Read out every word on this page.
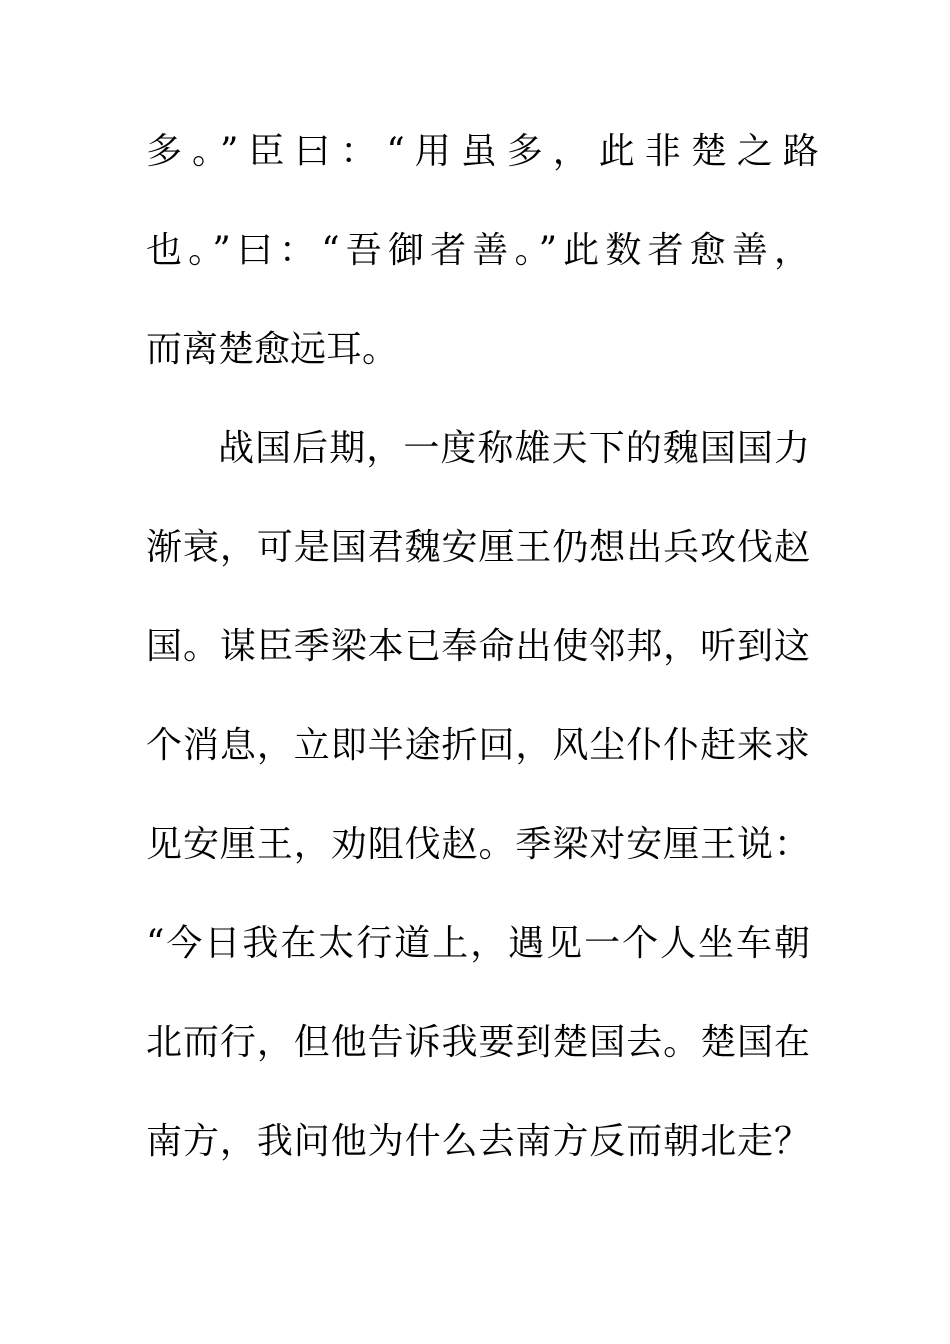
多。”臣曰：“用虽多，此非楚之路
也。”曰：“吾御者善。”此数者愈善，
而离楚愈远耳。
战国后期，一度称雄天下的魏国国力
渐衰，可是国君魏安厘王仍想出兵攻伐赵
国。谋臣季梁本已奉命出使邻邦，听到这
个消息，立即半途折回，风尘仆仆赶来求
见安厘王，劝阻伐赵。季梁对安厘王说：
“今日我在太行道上，遇见一个人坐车朝
北而行，但他告诉我要到楚国去。楚国在
南方，我问他为什么去南方反而朝北走？
